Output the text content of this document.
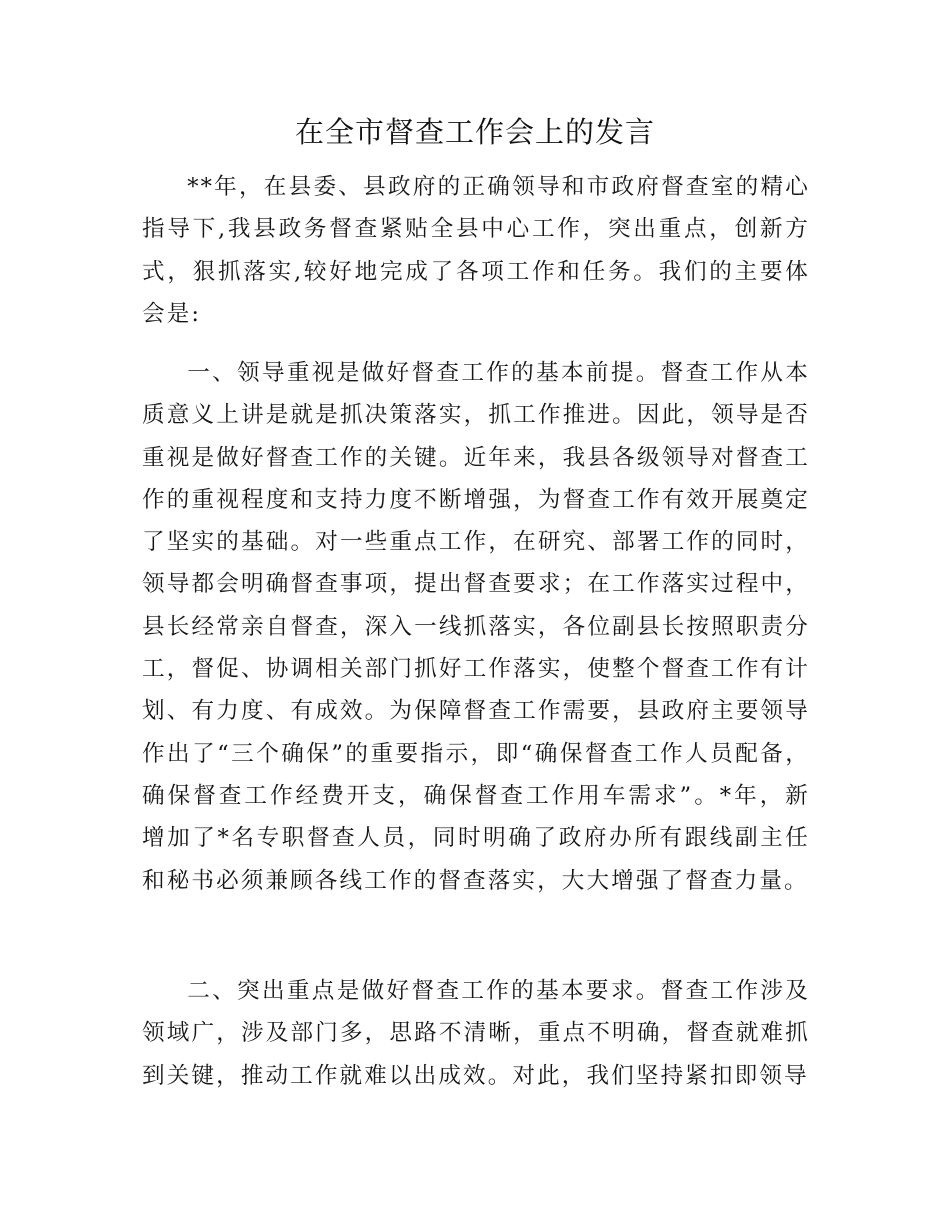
在全市督查工作会上的发言

**年，在县委、县政府的正确领导和市政府督查室的精心指导下,我县政务督查紧贴全县中心工作，突出重点，创新方式，狠抓落实,较好地完成了各项工作和任务。我们的主要体会是:

一、领导重视是做好督查工作的基本前提。督查工作从本质意义上讲是就是抓决策落实，抓工作推进。因此，领导是否重视是做好督查工作的关键。近年来，我县各级领导对督查工作的重视程度和支持力度不断增强，为督查工作有效开展奠定了坚实的基础。对一些重点工作，在研究、部署工作的同时，领导都会明确督查事项，提出督查要求；在工作落实过程中，县长经常亲自督查，深入一线抓落实，各位副县长按照职责分工，督促、协调相关部门抓好工作落实，使整个督查工作有计划、有力度、有成效。为保障督查工作需要，县政府主要领导作出了“三个确保”的重要指示，即“确保督查工作人员配备，确保督查工作经费开支，确保督查工作用车需求”。*年，新增加了*名专职督查人员，同时明确了政府办所有跟线副主任和秘书必须兼顾各线工作的督查落实，大大增强了督查力量。

二、突出重点是做好督查工作的基本要求。督查工作涉及领域广，涉及部门多，思路不清晰，重点不明确，督查就难抓到关键，推动工作就难以出成效。对此，我们坚持紧扣即领导
